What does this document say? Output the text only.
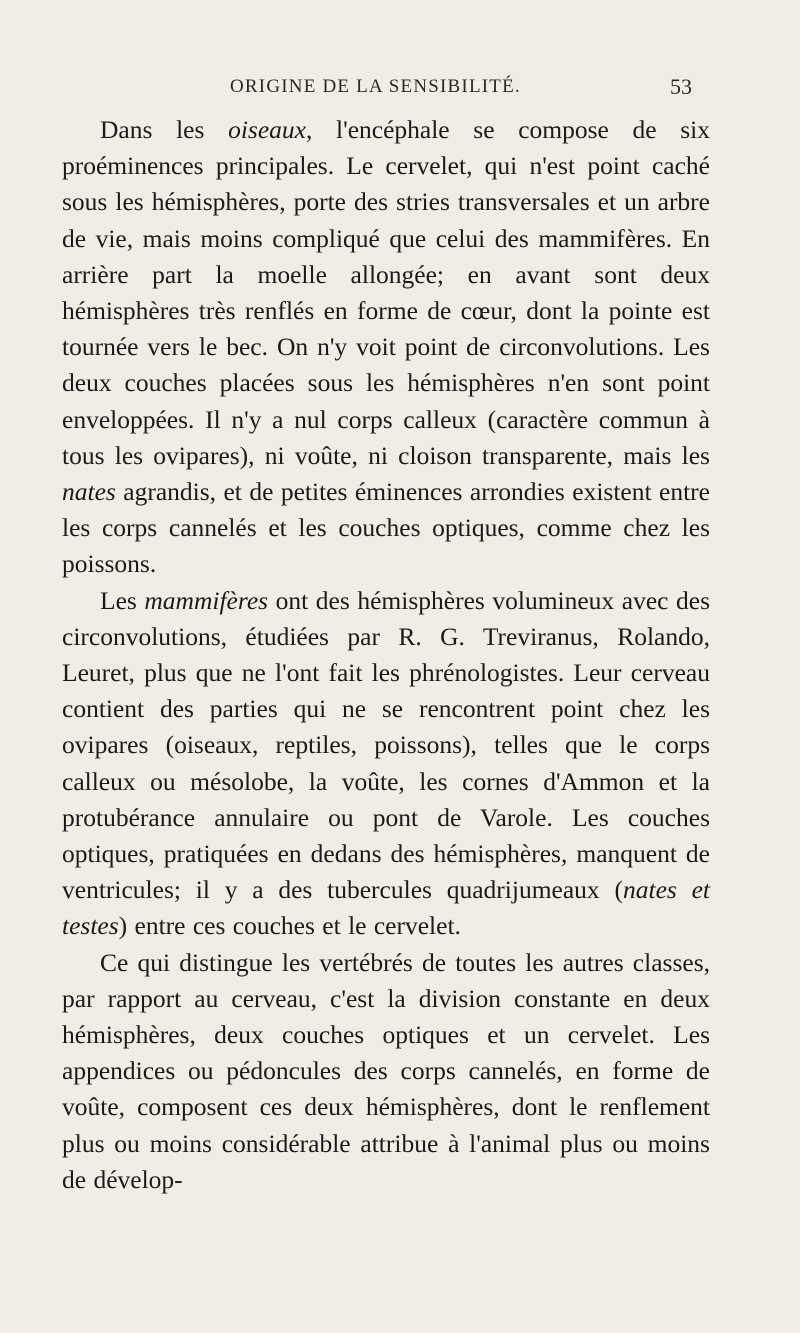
ORIGINE DE LA SENSIBILITÉ.	53

Dans les oiseaux, l'encéphale se compose de six proéminences principales. Le cervelet, qui n'est point caché sous les hémisphères, porte des stries transversales et un arbre de vie, mais moins compliqué que celui des mammifères. En arrière part la moelle allongée; en avant sont deux hémisphères très renflés en forme de cœur, dont la pointe est tournée vers le bec. On n'y voit point de circonvolutions. Les deux couches placées sous les hémisphères n'en sont point enveloppées. Il n'y a nul corps calleux (caractère commun à tous les ovipares), ni voûte, ni cloison transparente, mais les nates agrandis, et de petites éminences arrondies existent entre les corps cannelés et les couches optiques, comme chez les poissons.

Les mammifères ont des hémisphères volumineux avec des circonvolutions, étudiées par R. G. Treviranus, Rolando, Leuret, plus que ne l'ont fait les phrénologistes. Leur cerveau contient des parties qui ne se rencontrent point chez les ovipares (oiseaux, reptiles, poissons), telles que le corps calleux ou mésolobe, la voûte, les cornes d'Ammon et la protubérance annulaire ou pont de Varole. Les couches optiques, pratiquées en dedans des hémisphères, manquent de ventricules; il y a des tubercules quadrijumeaux (nates et testes) entre ces couches et le cervelet.

Ce qui distingue les vertébrés de toutes les autres classes, par rapport au cerveau, c'est la division constante en deux hémisphères, deux couches optiques et un cervelet. Les appendices ou pédoncules des corps cannelés, en forme de voûte, composent ces deux hémisphères, dont le renflement plus ou moins considérable attribue à l'animal plus ou moins de dévelop-
